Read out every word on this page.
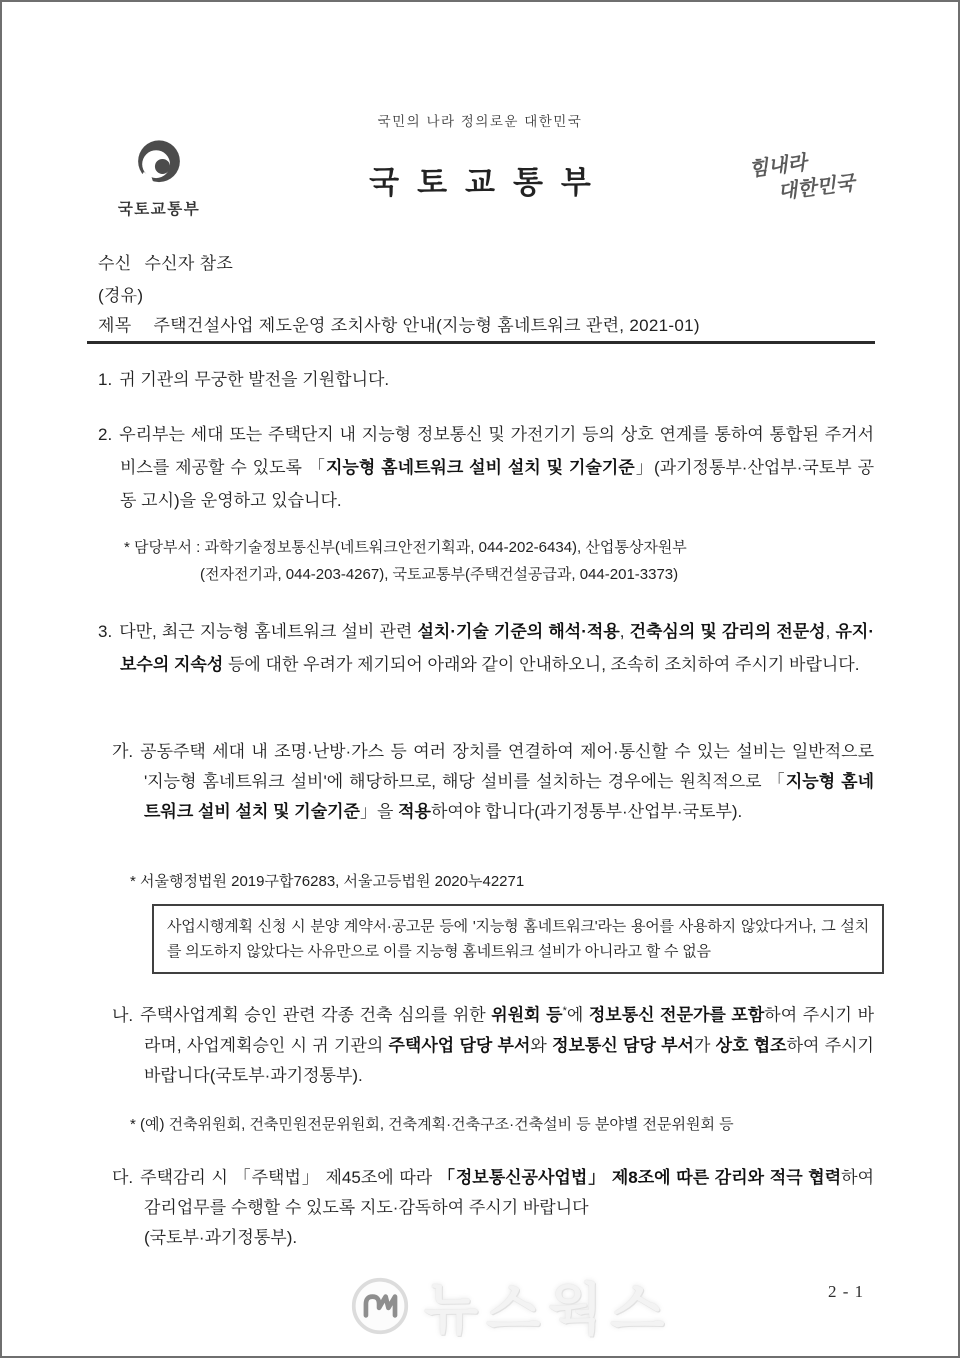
국민의 나라 정의로운 대한민국
국토교통부
국토교통부	힘내라
대한민국
수신 수신자 참조
(경유)
제목 주택건설사업 제도운영 조치사항 안내(지능형 홈네트워크 관련, 2021-01)

1. 귀 기관의 무궁한 발전을 기원합니다.

2. 우리부는 세대 또는 주택단지 내 지능형 정보통신 및 가전기기 등의 상호 연계를 통하여 통합된 주거서비스를 제공할 수 있도록 「지능형 홈네트워크 설비 설치 및 기술기준」(과기정통부·산업부·국토부 공동 고시)을 운영하고 있습니다.

* 담당부서 : 과학기술정보통신부(네트워크안전기획과, 044-202-6434), 산업통상자원부
(전자전기과, 044-203-4267), 국토교통부(주택건설공급과, 044-201-3373)

3. 다만, 최근 지능형 홈네트워크 설비 관련 설치·기술 기준의 해석·적용, 건축심의 및 감리의 전문성, 유지·보수의 지속성 등에 대한 우려가 제기되어 아래와 같이 안내하오니, 조속히 조치하여 주시기 바랍니다.

가. 공동주택 세대 내 조명·난방·가스 등 여러 장치를 연결하여 제어·통신할 수 있는 설비는 일반적으로 '지능형 홈네트워크 설비'에 해당하므로, 해당 설비를 설치하는 경우에는 원칙적으로 「지능형 홈네트워크 설비 설치 및 기술기준」을 적용하여야 합니다(과기정통부·산업부·국토부).

* 서울행정법원 2019구합76283, 서울고등법원 2020누42271
사업시행계획 신청 시 분양 계약서·공고문 등에 '지능형 홈네트워크'라는 용어를 사용하지 않았다거나, 그 설치를 의도하지 않았다는 사유만으로 이를 지능형 홈네트워크 설비가 아니라고 할 수 없음

나. 주택사업계획 승인 관련 각종 건축 심의를 위한 위원회 등*에 정보통신 전문가를 포함하여 주시기 바라며, 사업계획승인 시 귀 기관의 주택사업 담당 부서와 정보통신 담당 부서가 상호 협조하여 주시기 바랍니다(국토부·과기정통부).

* (예) 건축위원회, 건축민원전문위원회, 건축계획·건축구조·건축설비 등 분야별 전문위원회 등

다. 주택감리 시 「주택법」 제45조에 따라 「정보통신공사업법」 제8조에 따른 감리와 적극 협력하여 감리업무를 수행할 수 있도록 지도·감독하여 주시기 바랍니다
(국토부·과기정통부).

뉴스웍스	2 - 1
